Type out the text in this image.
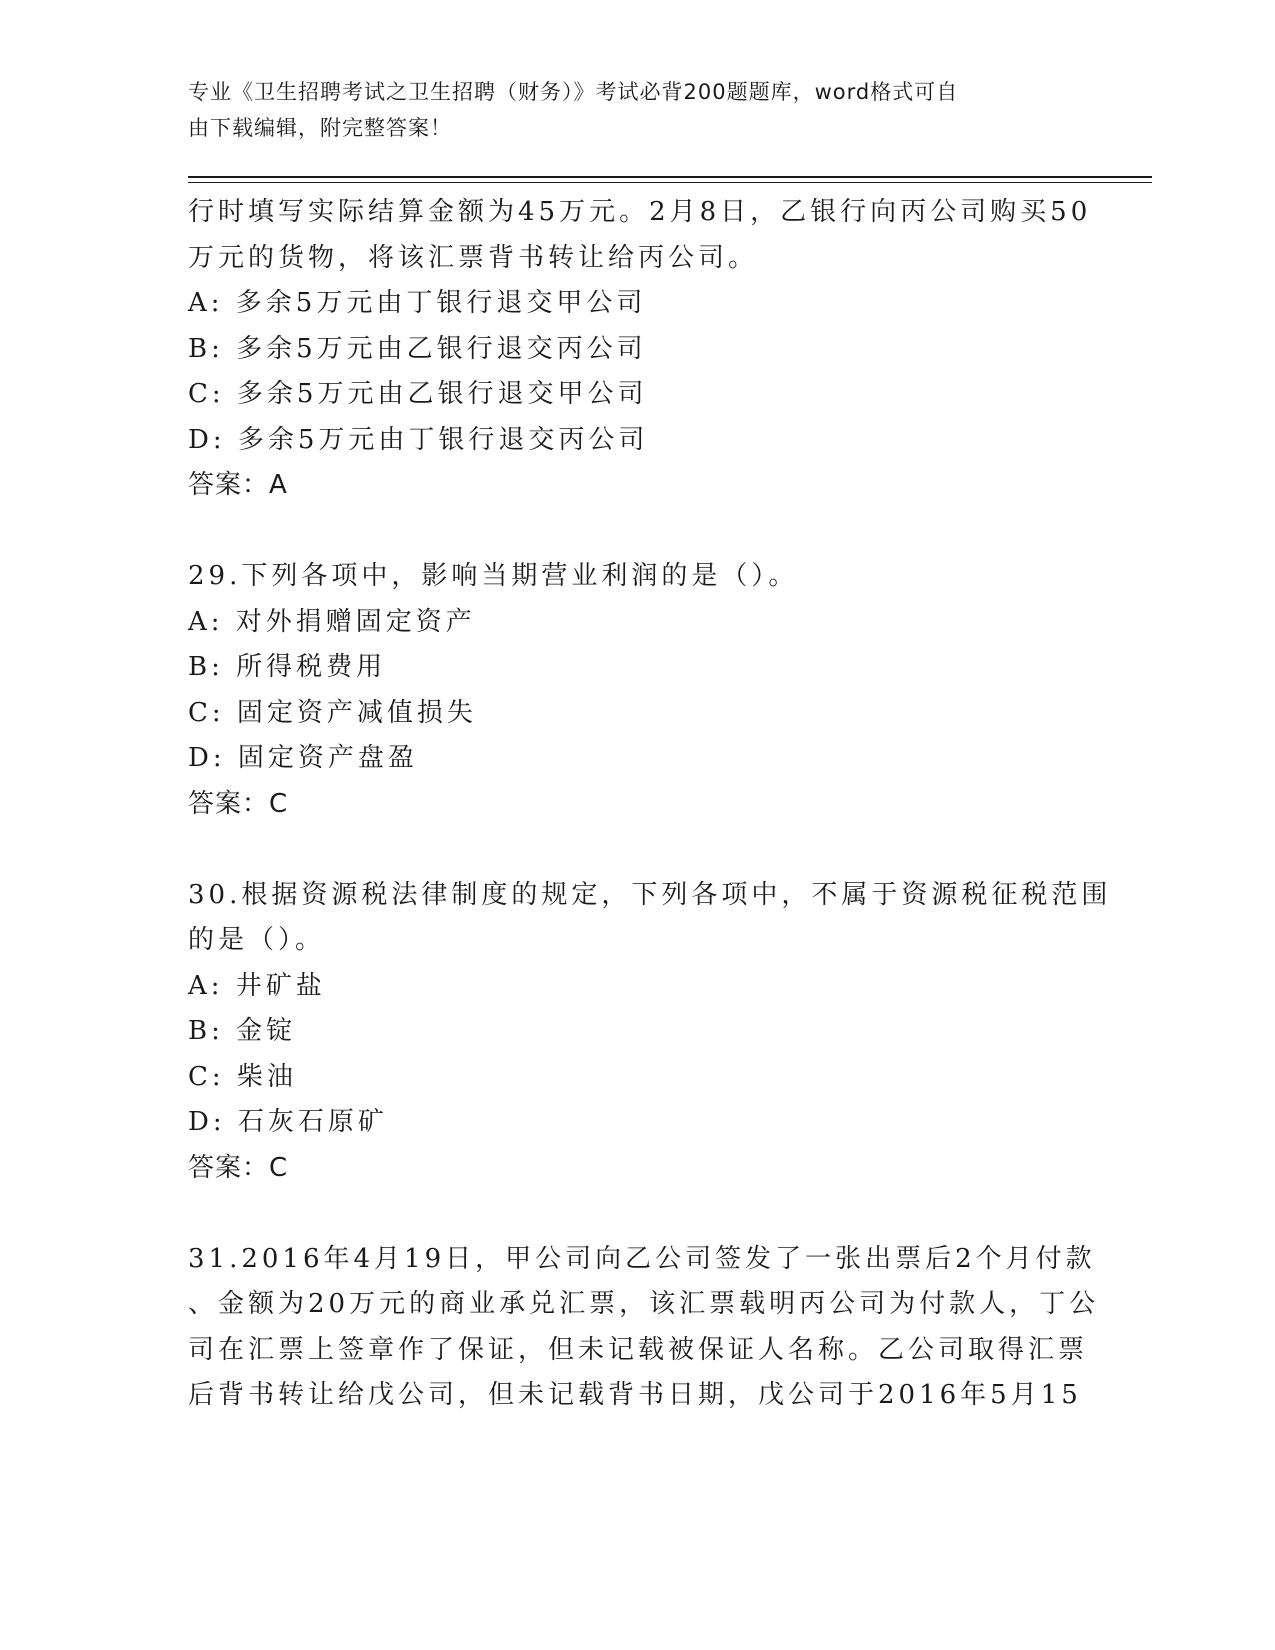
专业《卫生招聘考试之卫生招聘（财务）》考试必背200题题库，word格式可自
由下载编辑，附完整答案！
行时填写实际结算金额为45万元。2月8日，乙银行向丙公司购买50
万元的货物，将该汇票背书转让给丙公司。
A: 多余5万元由丁银行退交甲公司
B: 多余5万元由乙银行退交丙公司
C: 多余5万元由乙银行退交甲公司
D: 多余5万元由丁银行退交丙公司
答案：A
29.下列各项中，影响当期营业利润的是（）。
A: 对外捐赠固定资产
B: 所得税费用
C: 固定资产减值损失
D: 固定资产盘盈
答案：C
30.根据资源税法律制度的规定，下列各项中，不属于资源税征税范围
的是（）。
A: 井矿盐
B: 金锭
C: 柴油
D: 石灰石原矿
答案：C
31.2016年4月19日，甲公司向乙公司签发了一张出票后2个月付款
、金额为20万元的商业承兑汇票，该汇票载明丙公司为付款人，丁公
司在汇票上签章作了保证，但未记载被保证人名称。乙公司取得汇票
后背书转让给戊公司，但未记载背书日期，戊公司于2016年5月15
